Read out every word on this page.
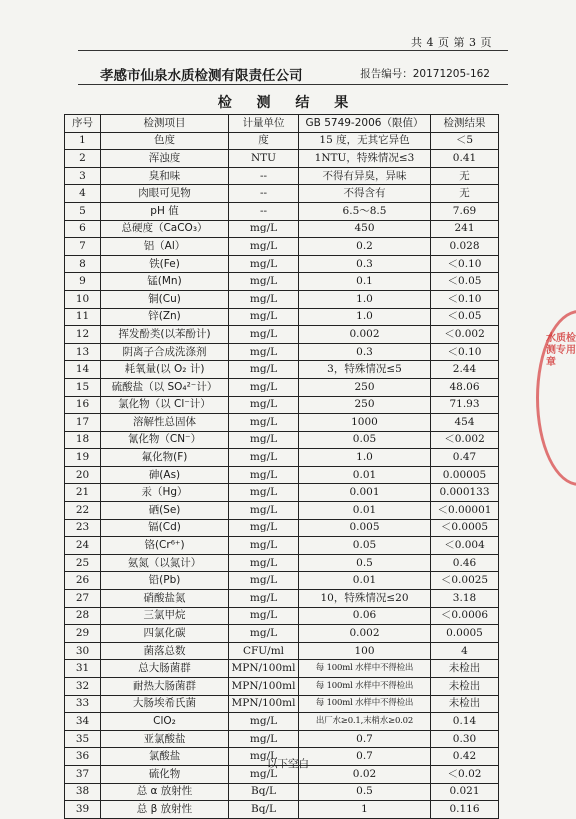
共 4 页 第 3 页
孝感市仙泉水质检测有限责任公司	报告编号：20171205-162
检 测 结 果
序号	检测项目	计量单位	GB 5749-2006（限值）	检测结果
1	色度	度	15 度，无其它异色	＜5
2	浑浊度	NTU	1NTU，特殊情况≤3	0.41
3	臭和味	--	不得有异臭，异味	无
4	肉眼可见物	--	不得含有	无
5	pH 值	--	6.5～8.5	7.69
6	总硬度（CaCO₃）	mg/L	450	241
7	铝（Al）	mg/L	0.2	0.028
8	铁(Fe)	mg/L	0.3	＜0.10
9	锰(Mn)	mg/L	0.1	＜0.05
10	铜(Cu)	mg/L	1.0	＜0.10
11	锌(Zn)	mg/L	1.0	＜0.05
12	挥发酚类(以苯酚计)	mg/L	0.002	＜0.002
13	阴离子合成洗涤剂	mg/L	0.3	＜0.10
14	耗氧量(以 O₂ 计)	mg/L	3，特殊情况≤5	2.44
15	硫酸盐（以 SO₄²⁻计）	mg/L	250	48.06
16	氯化物（以 Cl⁻计）	mg/L	250	71.93
17	溶解性总固体	mg/L	1000	454
18	氰化物（CN⁻）	mg/L	0.05	＜0.002
19	氟化物(F)	mg/L	1.0	0.47
20	砷(As)	mg/L	0.01	0.00005
21	汞（Hg）	mg/L	0.001	0.000133
22	硒(Se)	mg/L	0.01	＜0.00001
23	镉(Cd)	mg/L	0.005	＜0.0005
24	铬(Cr⁶⁺)	mg/L	0.05	＜0.004
25	氨氮（以氮计）	mg/L	0.5	0.46
26	铅(Pb)	mg/L	0.01	＜0.0025
27	硝酸盐氮	mg/L	10，特殊情况≤20	3.18
28	三氯甲烷	mg/L	0.06	＜0.0006
29	四氯化碳	mg/L	0.002	0.0005
30	菌落总数	CFU/ml	100	4
31	总大肠菌群	MPN/100ml	每 100ml 水样中不得检出	未检出
32	耐热大肠菌群	MPN/100ml	每 100ml 水样中不得检出	未检出
33	大肠埃希氏菌	MPN/100ml	每 100ml 水样中不得检出	未检出
34	ClO₂	mg/L	出厂水≥0.1,末梢水≥0.02	0.14
35	亚氯酸盐	mg/L	0.7	0.30
36	氯酸盐	mg/L	0.7	0.42
37	硫化物	mg/L	0.02	＜0.02
38	总 α 放射性	Bq/L	0.5	0.021
39	总 β 放射性	Bq/L	1	0.116
以下空白
水质检测专用章
